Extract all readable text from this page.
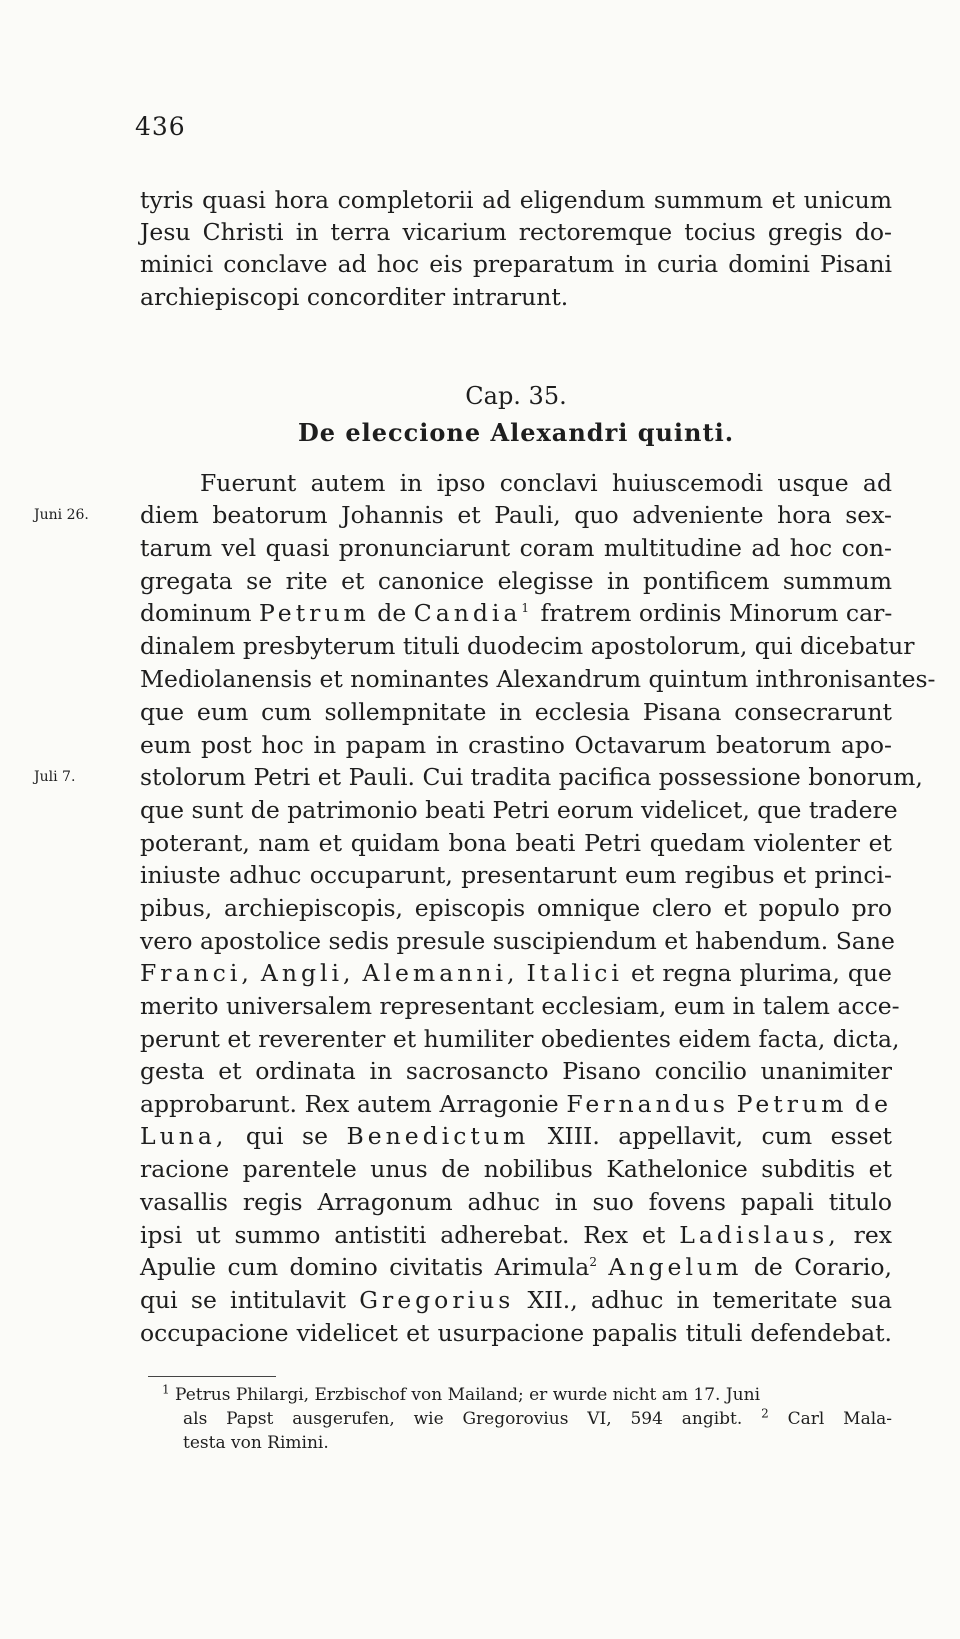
436
tyris quasi hora completorii ad eligendum summum et unicum
Jesu Christi in terra vicarium rectoremque tocius gregis do-
minici conclave ad hoc eis preparatum in curia domini Pisani
archiepiscopi concorditer intrarunt.
Cap. 35.
De eleccione Alexandri quinti.
Juni 26.
Juli 7.
Fuerunt autem in ipso conclavi huiuscemodi usque ad
diem beatorum Johannis et Pauli, quo adveniente hora sex-
tarum vel quasi pronunciarunt coram multitudine ad hoc con-
gregata se rite et canonice elegisse in pontificem summum
dominum Petrum de Candia$^1$ fratrem ordinis Minorum car-
dinalem presbyterum tituli duodecim apostolorum, qui dicebatur
Mediolanensis et nominantes Alexandrum quintum inthronisantes-
que eum cum sollempnitate in ecclesia Pisana consecrarunt
eum post hoc in papam in crastino Octavarum beatorum apo-
stolorum Petri et Pauli. Cui tradita pacifica possessione bonorum,
que sunt de patrimonio beati Petri eorum videlicet, que tradere
poterant, nam et quidam bona beati Petri quedam violenter et
iniuste adhuc occuparunt, presentarunt eum regibus et princi-
pibus, archiepiscopis, episcopis omnique clero et populo pro
vero apostolice sedis presule suscipiendum et habendum. Sane
Franci, Angli, Alemanni, Italici et regna plurima, que
merito universalem representant ecclesiam, eum in talem acce-
perunt et reverenter et humiliter obedientes eidem facta, dicta,
gesta et ordinata in sacrosancto Pisano concilio unanimiter
approbarunt. Rex autem Arragonie Fernandus Petrum de
Luna, qui se Benedictum XIII. appellavit, cum esset
racione parentele unus de nobilibus Kathelonice subditis et
vasallis regis Arragonum adhuc in suo fovens papali titulo
ipsi ut summo antistiti adherebat. Rex et Ladislaus, rex
Apulie cum domino civitatis Arimula$^2$ Angelum de Corario,
qui se intitulavit Gregorius XII., adhuc in temeritate sua
occupacione videlicet et usurpacione papalis tituli defendebat.
$^1$ Petrus Philargi, Erzbischof von Mailand; er wurde nicht am 17. Juni
als Papst ausgerufen, wie Gregorovius VI, 594 angibt. $^2$ Carl Mala-
testa von Rimini.
